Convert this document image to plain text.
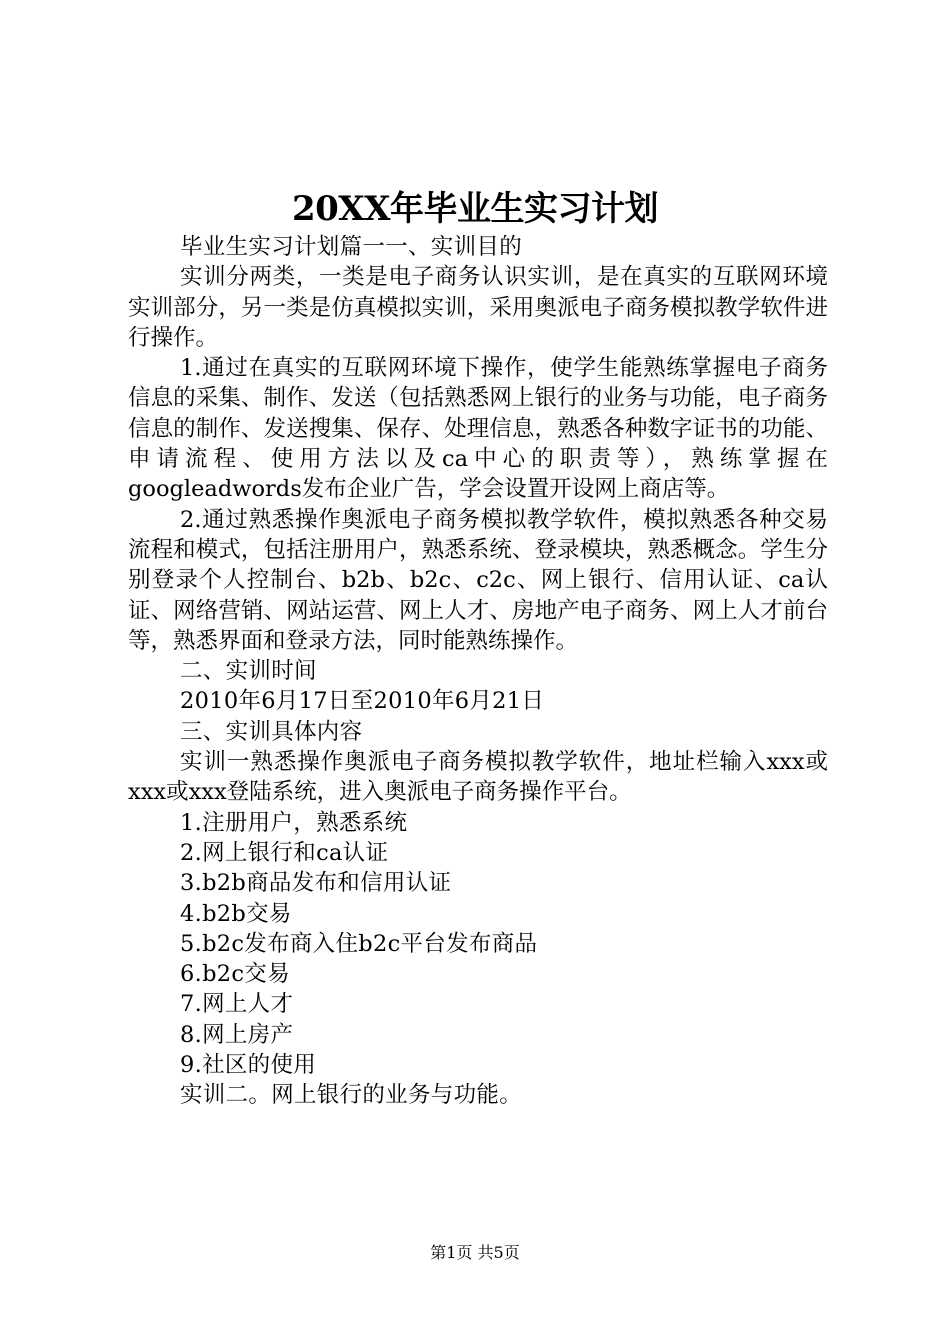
20XX年毕业生实习计划

毕业生实习计划篇一一、实训目的

实训分两类，一类是电子商务认识实训，是在真实的互联网环境实训部分，另一类是仿真模拟实训，采用奥派电子商务模拟教学软件进行操作。

1.通过在真实的互联网环境下操作，使学生能熟练掌握电子商务信息的采集、制作、发送（包括熟悉网上银行的业务与功能，电子商务信息的制作、发送搜集、保存、处理信息，熟悉各种数字证书的功能、申请流程、使用方法以及ca中心的职责等），熟练掌握在googleadwords发布企业广告，学会设置开设网上商店等。

2.通过熟悉操作奥派电子商务模拟教学软件，模拟熟悉各种交易流程和模式，包括注册用户，熟悉系统、登录模块，熟悉概念。学生分别登录个人控制台、b2b、b2c、c2c、网上银行、信用认证、ca认证、网络营销、网站运营、网上人才、房地产电子商务、网上人才前台等，熟悉界面和登录方法，同时能熟练操作。

二、实训时间

2010年6月17日至2010年6月21日

三、实训具体内容

实训一熟悉操作奥派电子商务模拟教学软件，地址栏输入xxx或xxx或xxx登陆系统，进入奥派电子商务操作平台。

1.注册用户，熟悉系统

2.网上银行和ca认证

3.b2b商品发布和信用认证

4.b2b交易

5.b2c发布商入住b2c平台发布商品

6.b2c交易

7.网上人才

8.网上房产

9.社区的使用

实训二。网上银行的业务与功能。

第1页 共5页
